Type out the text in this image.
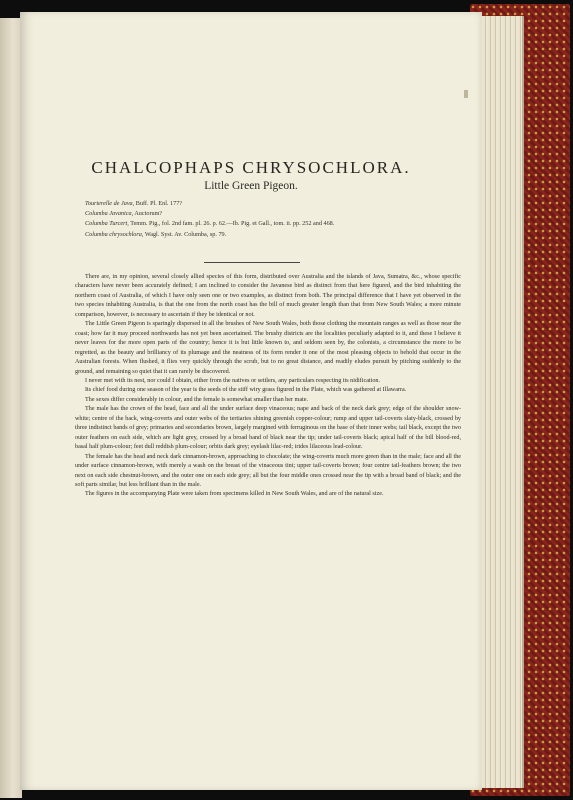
CHALCOPHAPS CHRYSOCHLORA.
Little Green Pigeon.
Tourterelle de Java, Buff. Pl. Enl. 177?
Columba Javanica, Auctorum?
Columba Turcert, Temm. Pig., fol. 2nd fam. pl. 26. p. 62.—Ib. Pig. et Gall., tom. ii. pp. 252 and 468.
Columba chrysochlora, Wagl. Syst. Av. Columba, sp. 79.

There are, in my opinion, several closely allied species of this form, distributed over Australia and the islands of Java, Sumatra, &c., whose specific characters have never been accurately defined; I am inclined to consider the Javanese bird as distinct from that here figured, and the bird inhabiting the northern coast of Australia, of which I have only seen one or two examples, as distinct from both. The principal difference that I have yet observed in the two species inhabiting Australia, is that the one from the north coast has the bill of much greater length than that from New South Wales; a more minute comparison, however, is necessary to ascertain if they be identical or not.

The Little Green Pigeon is sparingly dispersed in all the brushes of New South Wales, both those clothing the mountain ranges as well as those near the coast; how far it may proceed northwards has not yet been ascertained. The brushy districts are the localities peculiarly adapted to it, and these I believe it never leaves for the more open parts of the country; hence it is but little known to, and seldom seen by, the colonists, a circumstance the more to be regretted, as the beauty and brilliancy of its plumage and the neatness of its form render it one of the most pleasing objects to behold that occur in the Australian forests. When flushed, it flies very quickly through the scrub, but to no great distance, and readily eludes pursuit by pitching suddenly to the ground, and remaining so quiet that it can rarely be discovered.

I never met with its nest, nor could I obtain, either from the natives or settlers, any particulars respecting its nidification.

Its chief food during one season of the year is the seeds of the stiff wiry grass figured in the Plate, which was gathered at Illawarra.

The sexes differ considerably in colour, and the female is somewhat smaller than her mate.

The male has the crown of the head, face and all the under surface deep vinaceous; nape and back of the neck dark grey; edge of the shoulder snow-white; centre of the back, wing-coverts and outer webs of the tertiaries shining greenish copper-colour; rump and upper tail-coverts slaty-black, crossed by three indistinct bands of grey; primaries and secondaries brown, largely margined with ferruginous on the base of their inner webs; tail black, except the two outer feathers on each side, which are light grey, crossed by a broad band of black near the tip; under tail-coverts black; apical half of the bill blood-red, basal half plum-colour; feet dull reddish plum-colour; orbits dark grey; eyelash lilac-red; irides lilaceous lead-colour.

The female has the head and neck dark cinnamon-brown, approaching to chocolate; the wing-coverts much more green than in the male; face and all the under surface cinnamon-brown, with merely a wash on the breast of the vinaceous tint; upper tail-coverts brown; four centre tail-feathers brown; the two next on each side chestnut-brown, and the outer one on each side grey; all but the four middle ones crossed near the tip with a broad band of black; and the soft parts similar, but less brilliant than in the male.

The figures in the accompanying Plate were taken from specimens killed in New South Wales, and are of the natural size.
